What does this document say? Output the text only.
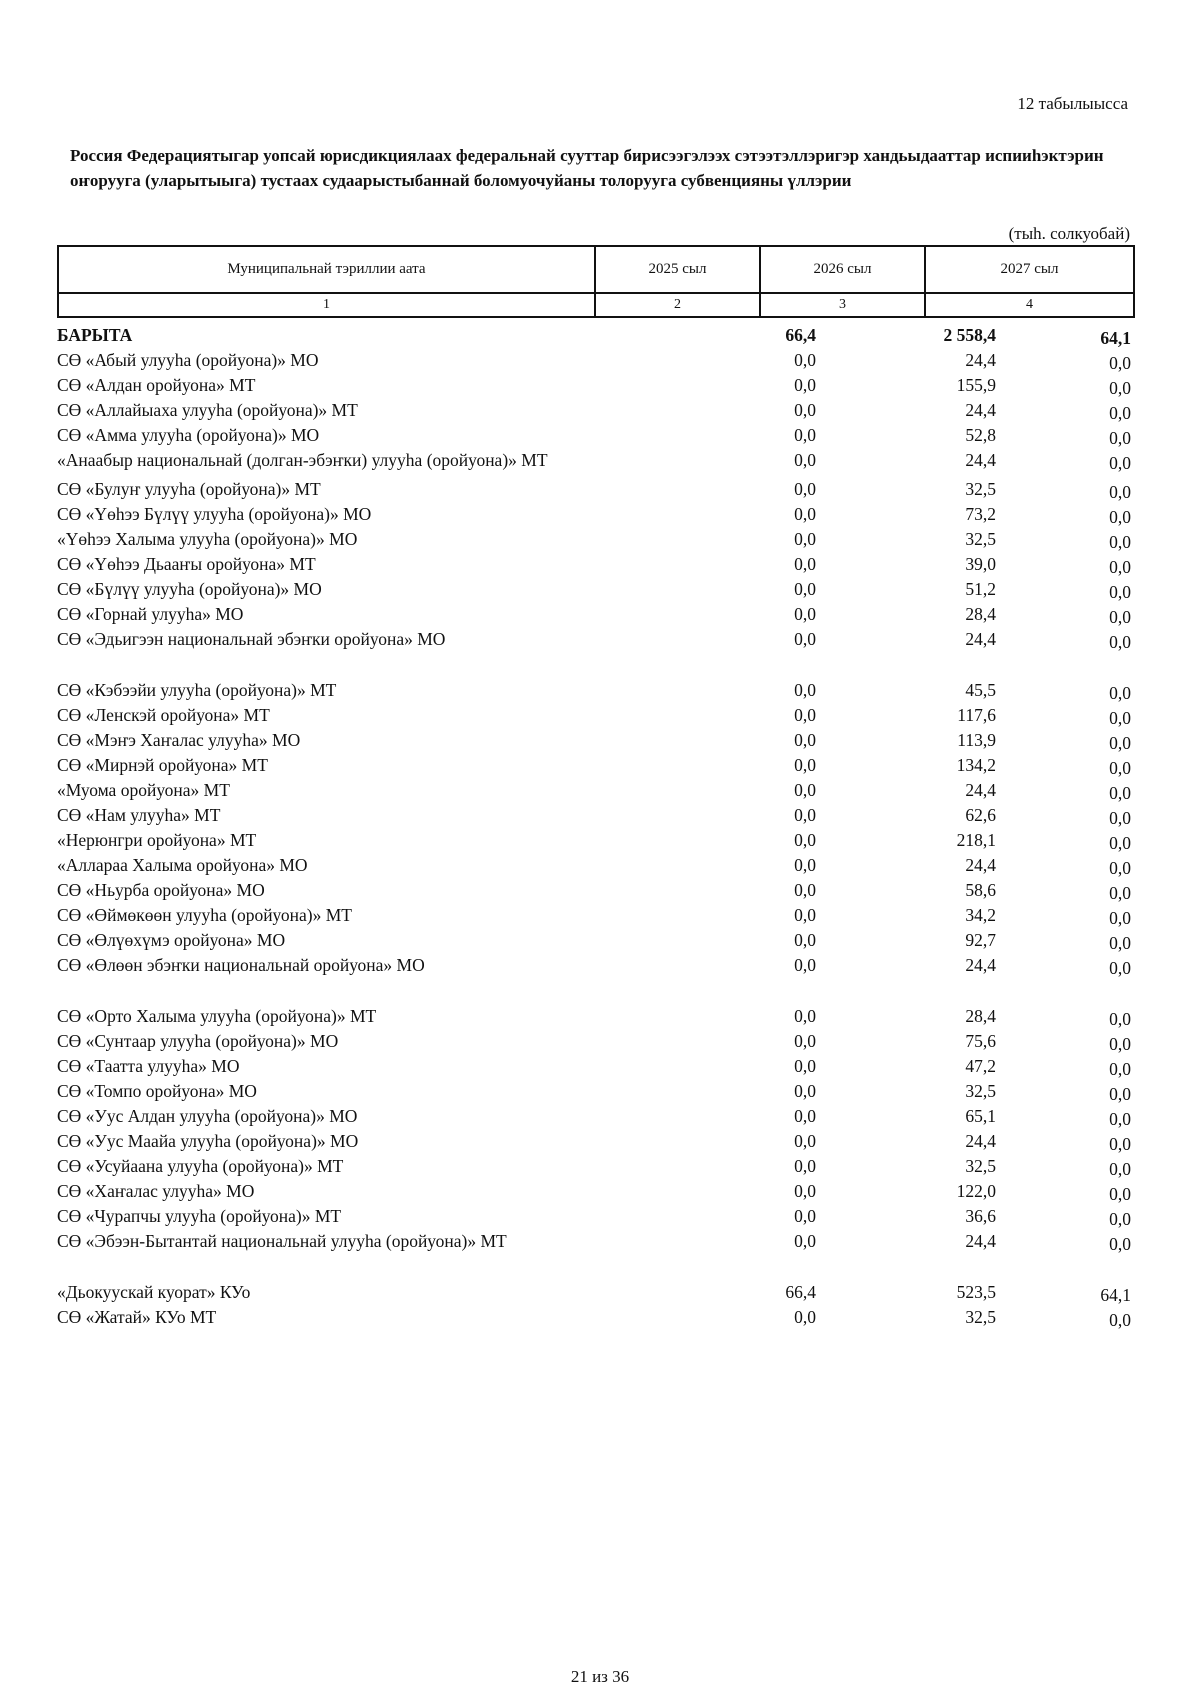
12 табылыысса
Россия Федерациятыгар уопсай юрисдикциялаах федеральнай сууттар бирисээгэлээх сэтээтэллэригэр хандьыдааттар испииһэктэрин оҥоруугa (уларытыыга) тустаах судаарыстыбаннай боломуочуйаны толоруугa субвенцияны үллэрии
(тыһ. солкуобай)
Муниципальнай тэриллии аата	2025 сыл	2026 сыл	2027 сыл
1	2	3	4
БАРЫТА	66,4	2 558,4	64,1
СӨ «Абый улууһа (оройуона)» МО	0,0	24,4	0,0
СӨ «Алдан оройуона» МТ	0,0	155,9	0,0
СӨ «Аллайыаха улууһа (оройуона)» МТ	0,0	24,4	0,0
СӨ «Амма улууһа (оройуона)» МО	0,0	52,8	0,0
«Анаабыр национальнай (долган-эбэҥки) улууһа (оройуона)» МТ	0,0	24,4	0,0
СӨ «Булуҥ улууһа (оройуона)» МТ	0,0	32,5	0,0
СӨ «Үөһээ Бүлүү улууһа (оройуона)» МО	0,0	73,2	0,0
«Үөһээ Халыма улууһа (оройуона)» МО	0,0	32,5	0,0
СӨ «Үөһээ Дьааҥы оройуона» МТ	0,0	39,0	0,0
СӨ «Бүлүү улууһа (оройуона)» МО	0,0	51,2	0,0
СӨ «Горнай улууһа» МО	0,0	28,4	0,0
СӨ «Эдьигээн национальнай эбэҥки оройуона» МО	0,0	24,4	0,0
СӨ «Кэбээйи улууһа (оройуона)» МТ	0,0	45,5	0,0
СӨ «Ленскэй оройуона» МТ	0,0	117,6	0,0
СӨ «Мэҥэ Хаҥалас улууһа» МО	0,0	113,9	0,0
СӨ «Мирнэй оройуона» МТ	0,0	134,2	0,0
«Муома оройуона» МТ	0,0	24,4	0,0
СӨ «Нам улууһа» МТ	0,0	62,6	0,0
«Нерюнгри оройуона» МТ	0,0	218,1	0,0
«Аллараа Халыма оройуона» МО	0,0	24,4	0,0
СӨ «Ньурба оройуона» МО	0,0	58,6	0,0
СӨ «Өймөкөөн улууһа (оройуона)» МТ	0,0	34,2	0,0
СӨ «Өлүөхүмэ оройуона» МО	0,0	92,7	0,0
СӨ «Өлөөн эбэҥки национальнай оройуона» МО	0,0	24,4	0,0
СӨ «Орто Халыма улууһа (оройуона)» МТ	0,0	28,4	0,0
СӨ «Сунтаар улууһа (оройуона)» МО	0,0	75,6	0,0
СӨ «Таатта улууһа» МО	0,0	47,2	0,0
СӨ «Томпо оройуона» МО	0,0	32,5	0,0
СӨ «Уус Алдан улууһа (оройуона)» МО	0,0	65,1	0,0
СӨ «Уус Маайа улууһа (оройуона)» МО	0,0	24,4	0,0
СӨ «Усуйаана улууһа (оройуона)» МТ	0,0	32,5	0,0
СӨ «Хаҥалас улууһа» МО	0,0	122,0	0,0
СӨ «Чурапчы улууһа (оройуона)» МТ	0,0	36,6	0,0
СӨ «Эбээн-Бытантай национальнай улууһа (оройуона)» МТ	0,0	24,4	0,0
«Дьокуускай куорат» КУо	66,4	523,5	64,1
СӨ «Жатай» КУо МТ	0,0	32,5	0,0
21 из 36
